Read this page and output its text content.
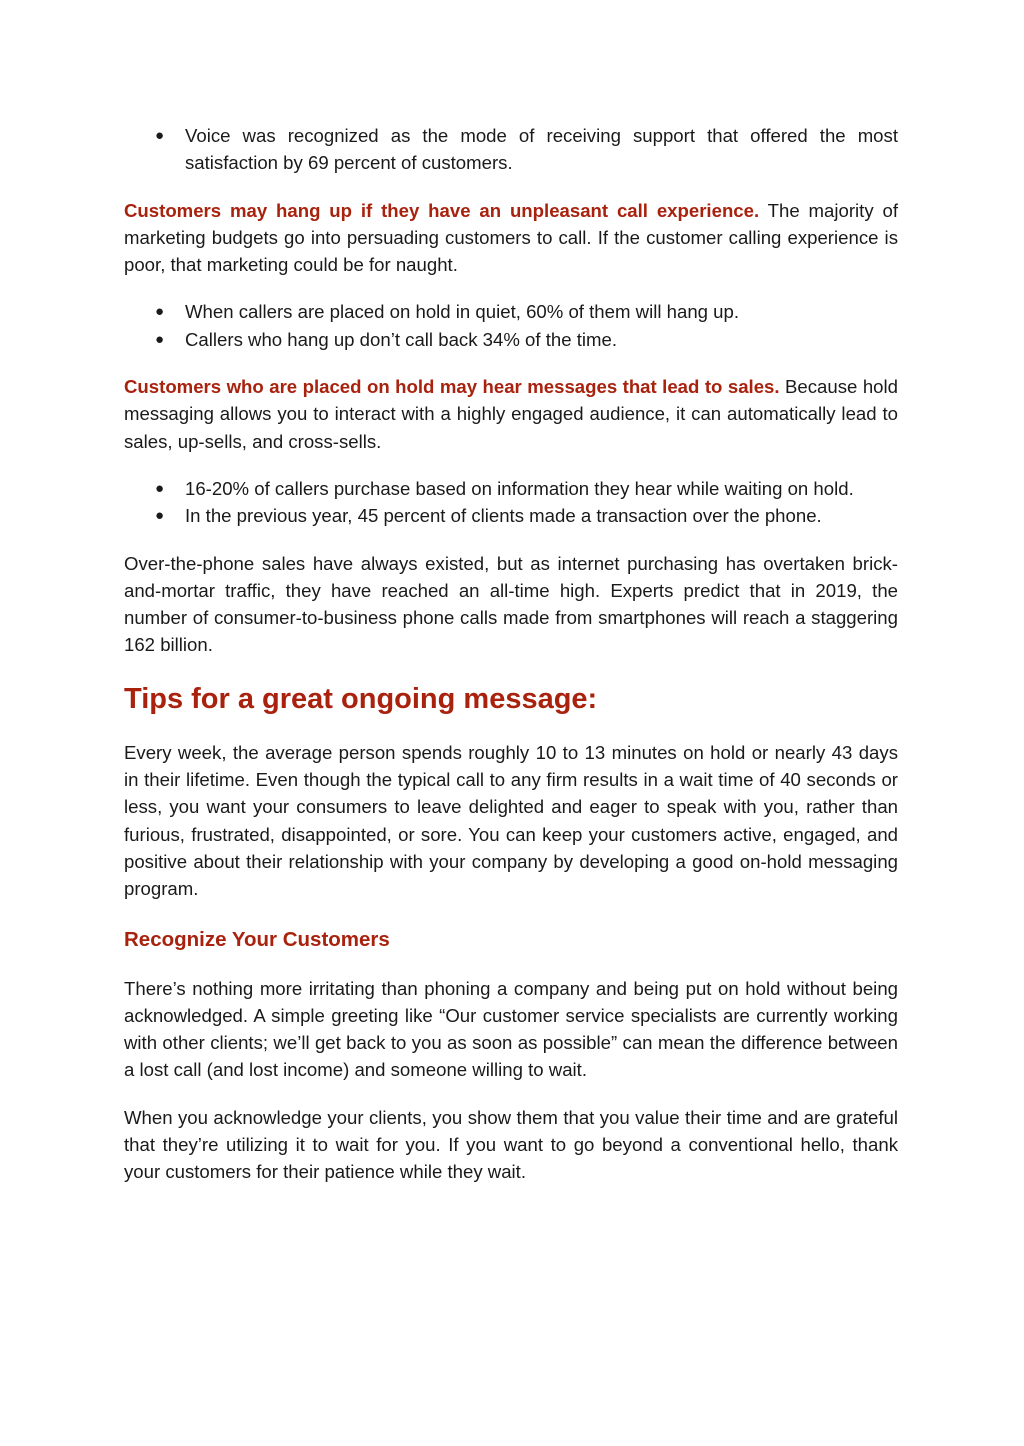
● Voice was recognized as the mode of receiving support that offered the most satisfaction by 69 percent of customers.

Customers may hang up if they have an unpleasant call experience. The majority of marketing budgets go into persuading customers to call. If the customer calling experience is poor, that marketing could be for naught.

● When callers are placed on hold in quiet, 60% of them will hang up.
● Callers who hang up don’t call back 34% of the time.

Customers who are placed on hold may hear messages that lead to sales. Because hold messaging allows you to interact with a highly engaged audience, it can automatically lead to sales, up-sells, and cross-sells.

● 16-20% of callers purchase based on information they hear while waiting on hold.
● In the previous year, 45 percent of clients made a transaction over the phone.

Over-the-phone sales have always existed, but as internet purchasing has overtaken brick-and-mortar traffic, they have reached an all-time high. Experts predict that in 2019, the number of consumer-to-business phone calls made from smartphones will reach a staggering 162 billion.

Tips for a great ongoing message:

Every week, the average person spends roughly 10 to 13 minutes on hold or nearly 43 days in their lifetime. Even though the typical call to any firm results in a wait time of 40 seconds or less, you want your consumers to leave delighted and eager to speak with you, rather than furious, frustrated, disappointed, or sore. You can keep your customers active, engaged, and positive about their relationship with your company by developing a good on-hold messaging program.

Recognize Your Customers

There’s nothing more irritating than phoning a company and being put on hold without being acknowledged. A simple greeting like “Our customer service specialists are currently working with other clients; we’ll get back to you as soon as possible” can mean the difference between a lost call (and lost income) and someone willing to wait.

When you acknowledge your clients, you show them that you value their time and are grateful that they’re utilizing it to wait for you. If you want to go beyond a conventional hello, thank your customers for their patience while they wait.
